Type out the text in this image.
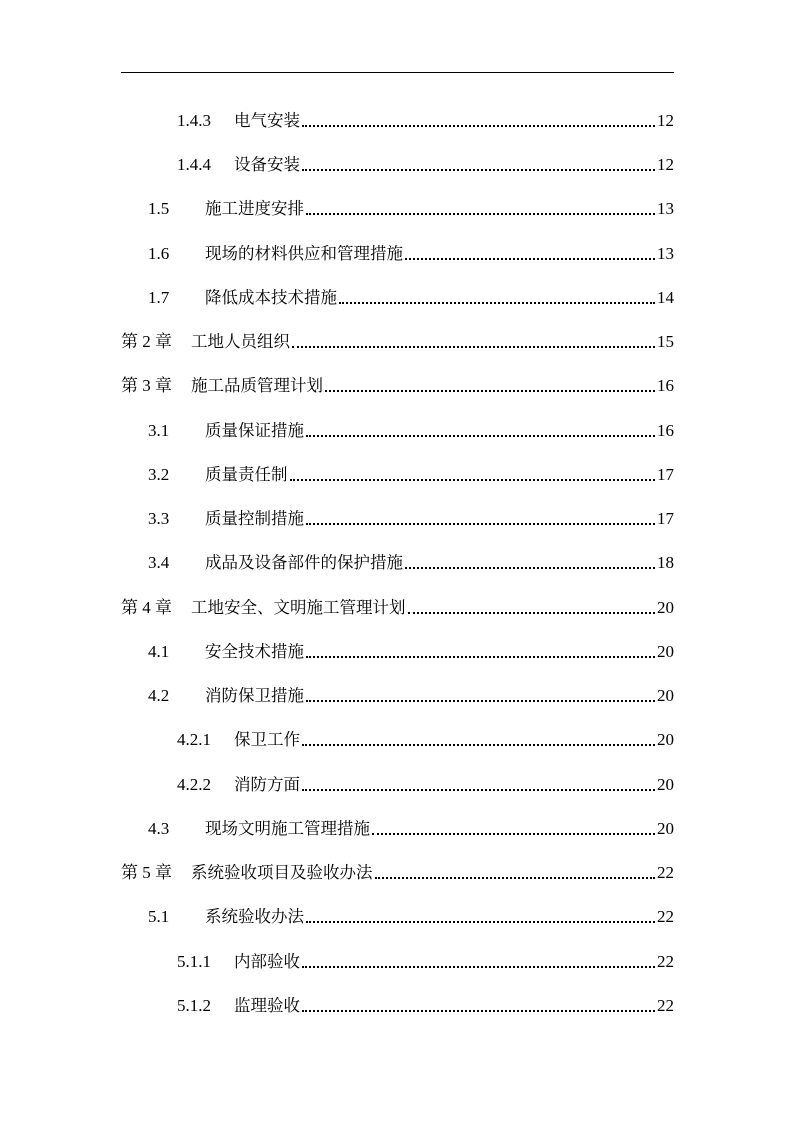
1.4.3	电气安装	12
1.4.4	设备安装	12
1.5	施工进度安排	13
1.6	现场的材料供应和管理措施	13
1.7	降低成本技术措施	14
第 2 章	工地人员组织	15
第 3 章	施工品质管理计划	16
3.1	质量保证措施	16
3.2	质量责任制	17
3.3	质量控制措施	17
3.4	成品及设备部件的保护措施	18
第 4 章	工地安全、文明施工管理计划	20
4.1	安全技术措施	20
4.2	消防保卫措施	20
4.2.1	保卫工作	20
4.2.2	消防方面	20
4.3	现场文明施工管理措施	20
第 5 章	系统验收项目及验收办法	22
5.1	系统验收办法	22
5.1.1	内部验收	22
5.1.2	监理验收	22
